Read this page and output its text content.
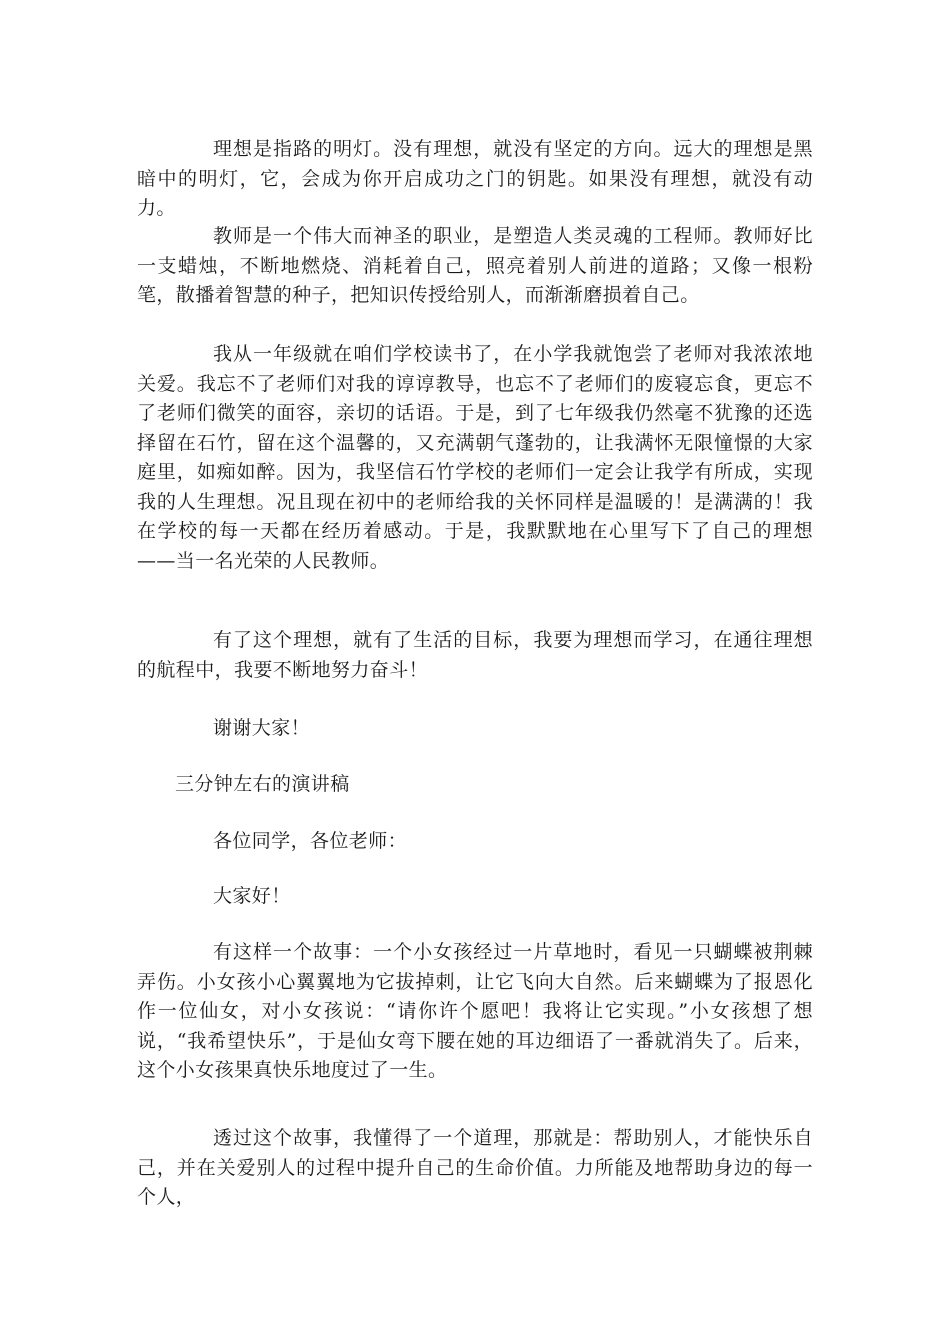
理想是指路的明灯。没有理想，就没有坚定的方向。远大的理想是黑暗中的明灯，它，会成为你开启成功之门的钥匙。如果没有理想，就没有动力。

教师是一个伟大而神圣的职业，是塑造人类灵魂的工程师。教师好比一支蜡烛，不断地燃烧、消耗着自己，照亮着别人前进的道路；又像一根粉笔，散播着智慧的种子，把知识传授给别人，而渐渐磨损着自己。

我从一年级就在咱们学校读书了，在小学我就饱尝了老师对我浓浓地关爱。我忘不了老师们对我的谆谆教导，也忘不了老师们的废寝忘食，更忘不了老师们微笑的面容，亲切的话语。于是，到了七年级我仍然毫不犹豫的还选择留在石竹，留在这个温馨的，又充满朝气蓬勃的，让我满怀无限憧憬的大家庭里，如痴如醉。因为，我坚信石竹学校的老师们一定会让我学有所成，实现我的人生理想。况且现在初中的老师给我的关怀同样是温暖的！是满满的！我在学校的每一天都在经历着感动。于是，我默默地在心里写下了自己的理想——当一名光荣的人民教师。

有了这个理想，就有了生活的目标，我要为理想而学习，在通往理想的航程中，我要不断地努力奋斗！

谢谢大家！

三分钟左右的演讲稿

各位同学，各位老师：

大家好！

有这样一个故事：一个小女孩经过一片草地时，看见一只蝴蝶被荆棘弄伤。小女孩小心翼翼地为它拔掉刺，让它飞向大自然。后来蝴蝶为了报恩化作一位仙女，对小女孩说：“请你许个愿吧！我将让它实现。”小女孩想了想说，“我希望快乐”，于是仙女弯下腰在她的耳边细语了一番就消失了。后来，这个小女孩果真快乐地度过了一生。

透过这个故事，我懂得了一个道理，那就是：帮助别人，才能快乐自己，并在关爱别人的过程中提升自己的生命价值。力所能及地帮助身边的每一个人，
